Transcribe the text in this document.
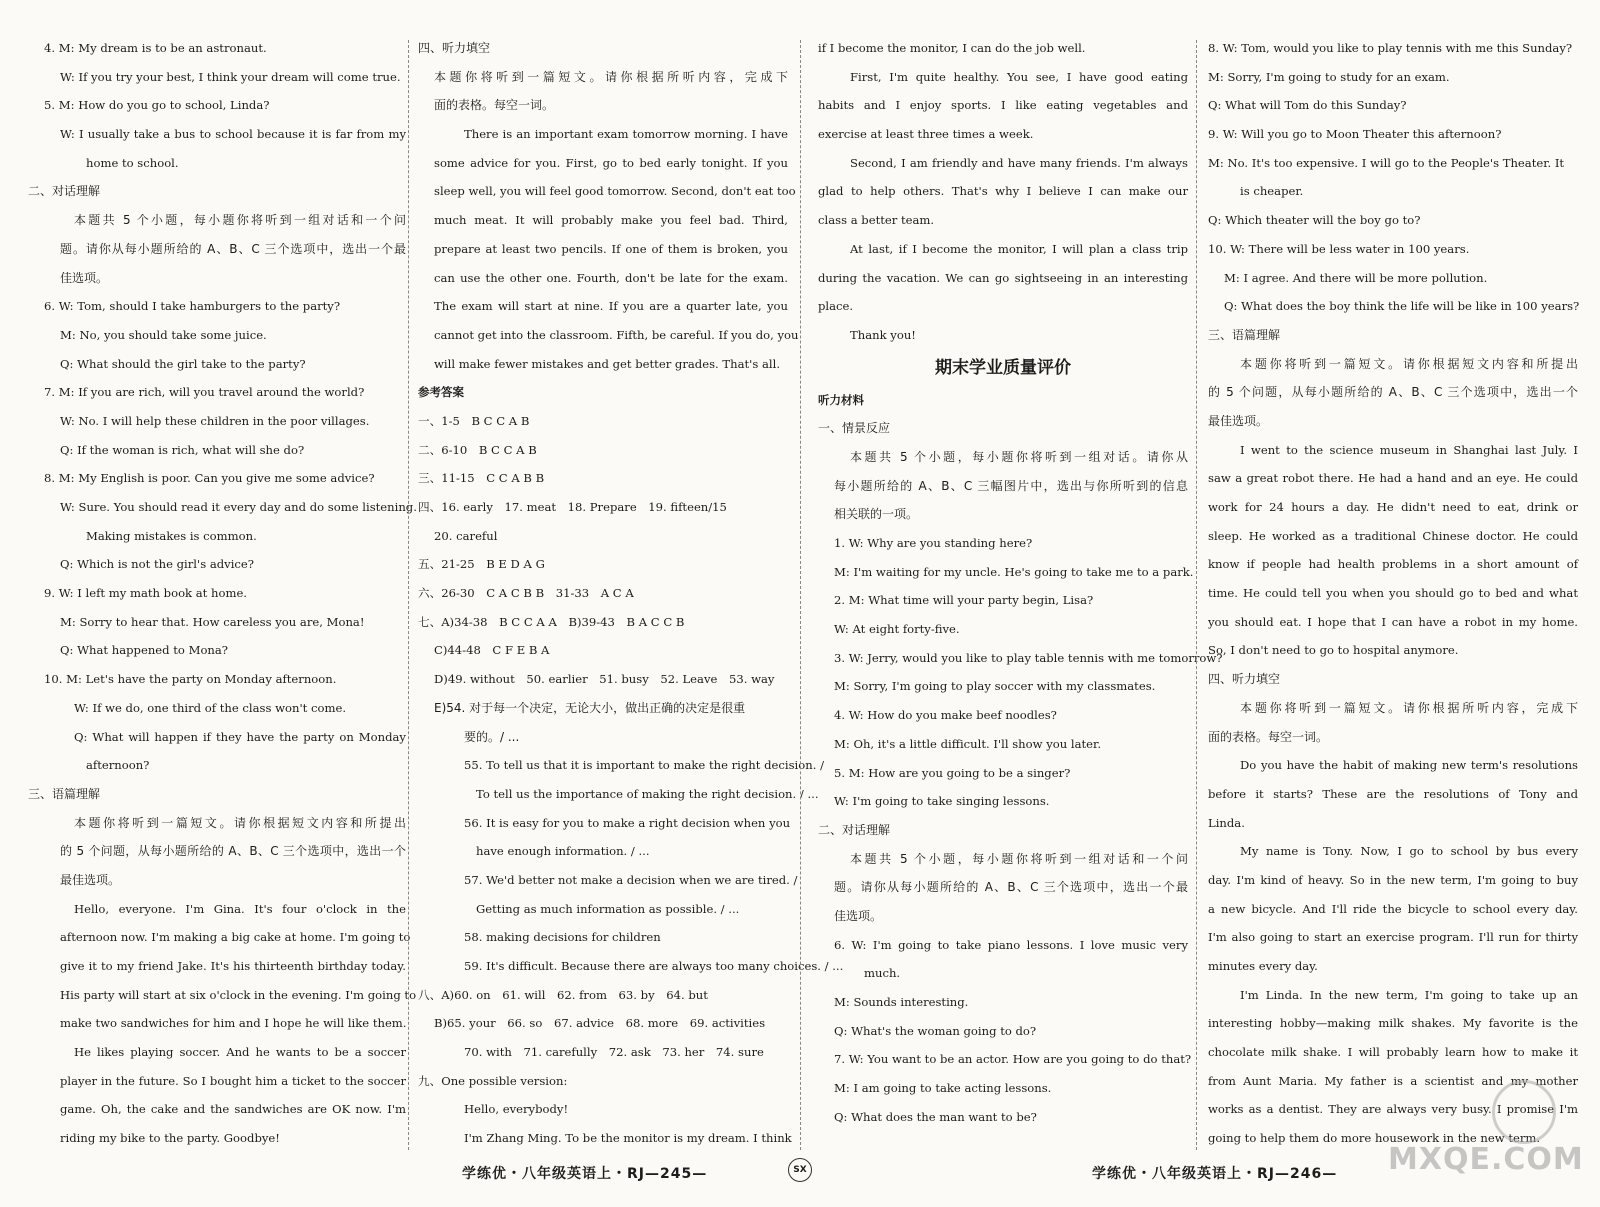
4. M: My dream is to be an astronaut.
W: If you try your best, I think your dream will come true.
5. M: How do you go to school, Linda?
W: I usually take a bus to school because it is far from my
home to school.
二、对话理解
本题共 5 个小题，每小题你将听到一组对话和一个问
题。请你从每小题所给的 A、B、C 三个选项中，选出一个最
佳选项。
6. W: Tom, should I take hamburgers to the party?
M: No, you should take some juice.
Q: What should the girl take to the party?
7. M: If you are rich, will you travel around the world?
W: No. I will help these children in the poor villages.
Q: If the woman is rich, what will she do?
8. M: My English is poor. Can you give me some advice?
W: Sure. You should read it every day and do some listening.
Making mistakes is common.
Q: Which is not the girl's advice?
9. W: I left my math book at home.
M: Sorry to hear that. How careless you are, Mona!
Q: What happened to Mona?
10. M: Let's have the party on Monday afternoon.
W: If we do, one third of the class won't come.
Q: What will happen if they have the party on Monday
afternoon?
三、语篇理解
本题你将听到一篇短文。请你根据短文内容和所提出
的 5 个问题，从每小题所给的 A、B、C 三个选项中，选出一个
最佳选项。
Hello, everyone. I'm Gina. It's four o'clock in the
afternoon now. I'm making a big cake at home. I'm going to
give it to my friend Jake. It's his thirteenth birthday today.
His party will start at six o'clock in the evening. I'm going to
make two sandwiches for him and I hope he will like them.
He likes playing soccer. And he wants to be a soccer
player in the future. So I bought him a ticket to the soccer
game. Oh, the cake and the sandwiches are OK now. I'm
riding my bike to the party. Goodbye!
四、听力填空
本题你将听到一篇短文。请你根据所听内容，完成下
面的表格。每空一词。
There is an important exam tomorrow morning. I have
some advice for you. First, go to bed early tonight. If you
sleep well, you will feel good tomorrow. Second, don't eat too
much meat. It will probably make you feel bad. Third,
prepare at least two pencils. If one of them is broken, you
can use the other one. Fourth, don't be late for the exam.
The exam will start at nine. If you are a quarter late, you
cannot get into the classroom. Fifth, be careful. If you do, you
will make fewer mistakes and get better grades. That's all.
参考答案
一、1-5　B C C A B
二、6-10　B C C A B
三、11-15　C C A B B
四、16. early　17. meat　18. Prepare　19. fifteen/15
20. careful
五、21-25　B E D A G
六、26-30　C A C B B　31-33　A C A
七、A)34-38　B C C A A　B)39-43　B A C C B
C)44-48　C F E B A
D)49. without　50. earlier　51. busy　52. Leave　53. way
E)54. 对于每一个决定，无论大小，做出正确的决定是很重
要的。/ ...
55. To tell us that it is important to make the right decision. /
To tell us the importance of making the right decision. / ...
56. It is easy for you to make a right decision when you
have enough information. / ...
57. We'd better not make a decision when we are tired. /
Getting as much information as possible. / ...
58. making decisions for children
59. It's difficult. Because there are always too many choices. / ...
八、A)60. on　61. will　62. from　63. by　64. but
B)65. your　66. so　67. advice　68. more　69. activities
70. with　71. carefully　72. ask　73. her　74. sure
九、One possible version:
Hello, everybody!
I'm Zhang Ming. To be the monitor is my dream. I think
if I become the monitor, I can do the job well.
First, I'm quite healthy. You see, I have good eating
habits and I enjoy sports. I like eating vegetables and
exercise at least three times a week.
Second, I am friendly and have many friends. I'm always
glad to help others. That's why I believe I can make our
class a better team.
At last, if I become the monitor, I will plan a class trip
during the vacation. We can go sightseeing in an interesting
place.
Thank you!
期末学业质量评价
听力材料
一、情景反应
本题共 5 个小题，每小题你将听到一组对话。请你从
每小题所给的 A、B、C 三幅图片中，选出与你所听到的信息
相关联的一项。
1. W: Why are you standing here?
M: I'm waiting for my uncle. He's going to take me to a park.
2. M: What time will your party begin, Lisa?
W: At eight forty-five.
3. W: Jerry, would you like to play table tennis with me tomorrow?
M: Sorry, I'm going to play soccer with my classmates.
4. W: How do you make beef noodles?
M: Oh, it's a little difficult. I'll show you later.
5. M: How are you going to be a singer?
W: I'm going to take singing lessons.
二、对话理解
本题共 5 个小题，每小题你将听到一组对话和一个问
题。请你从每小题所给的 A、B、C 三个选项中，选出一个最
佳选项。
6. W: I'm going to take piano lessons. I love music very
much.
M: Sounds interesting.
Q: What's the woman going to do?
7. W: You want to be an actor. How are you going to do that?
M: I am going to take acting lessons.
Q: What does the man want to be?
8. W: Tom, would you like to play tennis with me this Sunday?
M: Sorry, I'm going to study for an exam.
Q: What will Tom do this Sunday?
9. W: Will you go to Moon Theater this afternoon?
M: No. It's too expensive. I will go to the People's Theater. It
is cheaper.
Q: Which theater will the boy go to?
10. W: There will be less water in 100 years.
M: I agree. And there will be more pollution.
Q: What does the boy think the life will be like in 100 years?
三、语篇理解
本题你将听到一篇短文。请你根据短文内容和所提出
的 5 个问题，从每小题所给的 A、B、C 三个选项中，选出一个
最佳选项。
I went to the science museum in Shanghai last July. I
saw a great robot there. He had a hand and an eye. He could
work for 24 hours a day. He didn't need to eat, drink or
sleep. He worked as a traditional Chinese doctor. He could
know if people had health problems in a short amount of
time. He could tell you when you should go to bed and what
you should eat. I hope that I can have a robot in my home.
So, I don't need to go to hospital anymore.
四、听力填空
本题你将听到一篇短文。请你根据所听内容，完成下
面的表格。每空一词。
Do you have the habit of making new term's resolutions
before it starts? These are the resolutions of Tony and
Linda.
My name is Tony. Now, I go to school by bus every
day. I'm kind of heavy. So in the new term, I'm going to buy
a new bicycle. And I'll ride the bicycle to school every day.
I'm also going to start an exercise program. I'll run for thirty
minutes every day.
I'm Linda. In the new term, I'm going to take up an
interesting hobby—making milk shakes. My favorite is the
chocolate milk shake. I will probably learn how to make it
from Aunt Maria. My father is a scientist and my mother
works as a dentist. They are always very busy. I promise I'm
going to help them do more housework in the new term.
学练优・八年级英语上・RJ—245—	SX	学练优・八年级英语上・RJ—246— MXQE.COM
